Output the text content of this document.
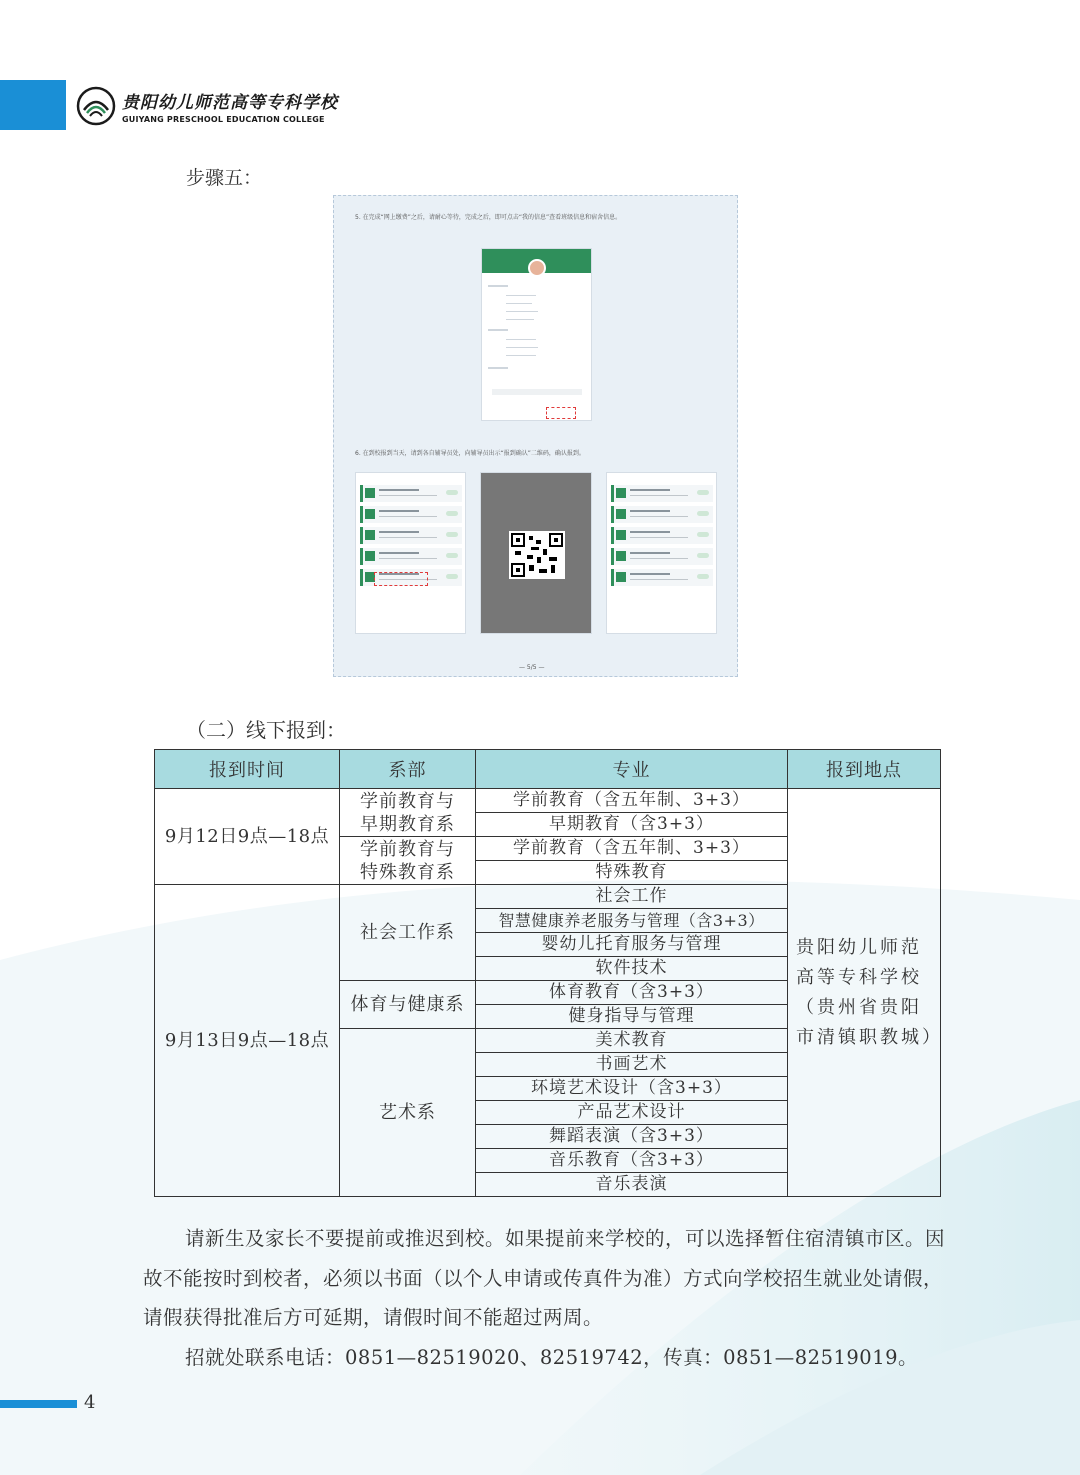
贵阳幼儿师范高等专科学校
GUIYANG PRESCHOOL EDUCATION COLLEGE
步骤五：
5. 在完成“网上缴费”之后，请耐心等待，完成之后，即可点击“我的信息”查看班级信息和宿舍信息。
6. 在到校报到当天，请到各自辅导员处，向辅导员出示“报到确认”二维码，确认报到。
— 5/5 —
（二）线下报到：
报到时间	系部	专业	报到地点
9月12日9点—18点	学前教育与早期教育系	学前教育（含五年制、3+3）	贵阳幼儿师范高等专科学校（贵州省贵阳市清镇职教城）
		早期教育（含3+3）	
	学前教育与特殊教育系	学前教育（含五年制、3+3）	
		特殊教育	
9月13日9点—18点	社会工作系	社会工作	
		智慧健康养老服务与管理（含3+3）	
		婴幼儿托育服务与管理	
		软件技术	
	体育与健康系	体育教育（含3+3）	
		健身指导与管理	
	艺术系	美术教育	
		书画艺术	
		环境艺术设计（含3+3）	
		产品艺术设计	
		舞蹈表演（含3+3）	
		音乐教育（含3+3）	
		音乐表演	
请新生及家长不要提前或推迟到校。如果提前来学校的，可以选择暂住宿清镇市区。因故不能按时到校者，必须以书面（以个人申请或传真件为准）方式向学校招生就业处请假，请假获得批准后方可延期，请假时间不能超过两周。
招就处联系电话：0851—82519020、82519742，传真：0851—82519019。
4
